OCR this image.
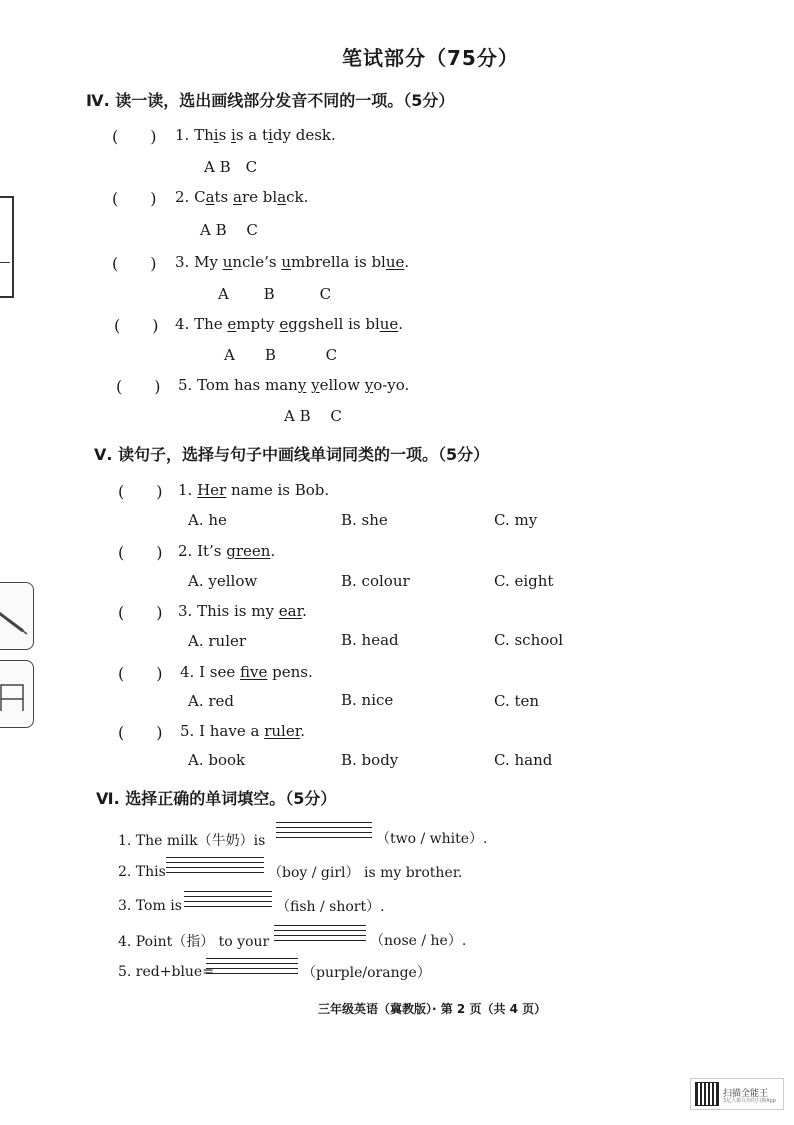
笔试部分（75分）
Ⅳ. 读一读，选出画线部分发音不同的一项。（5分）
(　　) 1. This is a tidy desk.
A B　C
(　　) 2. Cats are black.
A B　 C
(　　) 3. My uncle’s umbrella is blue.
A　　 B　　　C
(　　) 4. The empty eggshell is blue.
A　　B　　　 C
(　　) 5. Tom has many yellow yo-yo.
A B　 C
Ⅴ. 读句子，选择与句子中画线单词同类的一项。（5分）
(　　) 1. Her name is Bob.
A. he	B. she	C. my
(　　) 2. It’s green.
A. yellow	B. colour	C. eight
(　　) 3. This is my ear.
A. ruler	B. head	C. school
(　　) 4. I see five pens.
A. red	B. nice	C. ten
(　　) 5. I have a ruler.
A. book	B. body	C. hand
Ⅵ. 选择正确的单词填空。（5分）
1. The milk（牛奶）is	（two / white）.
2. This	（boy / girl） is my brother.
3. Tom is	（fish / short）.
4. Point（指） to your	（nose / he）.
5. red+blue=	（purple/orange）
三年级英语（冀教版）· 第 2 页（共 4 页）
扫描全能王
3亿人都在用的扫描App
